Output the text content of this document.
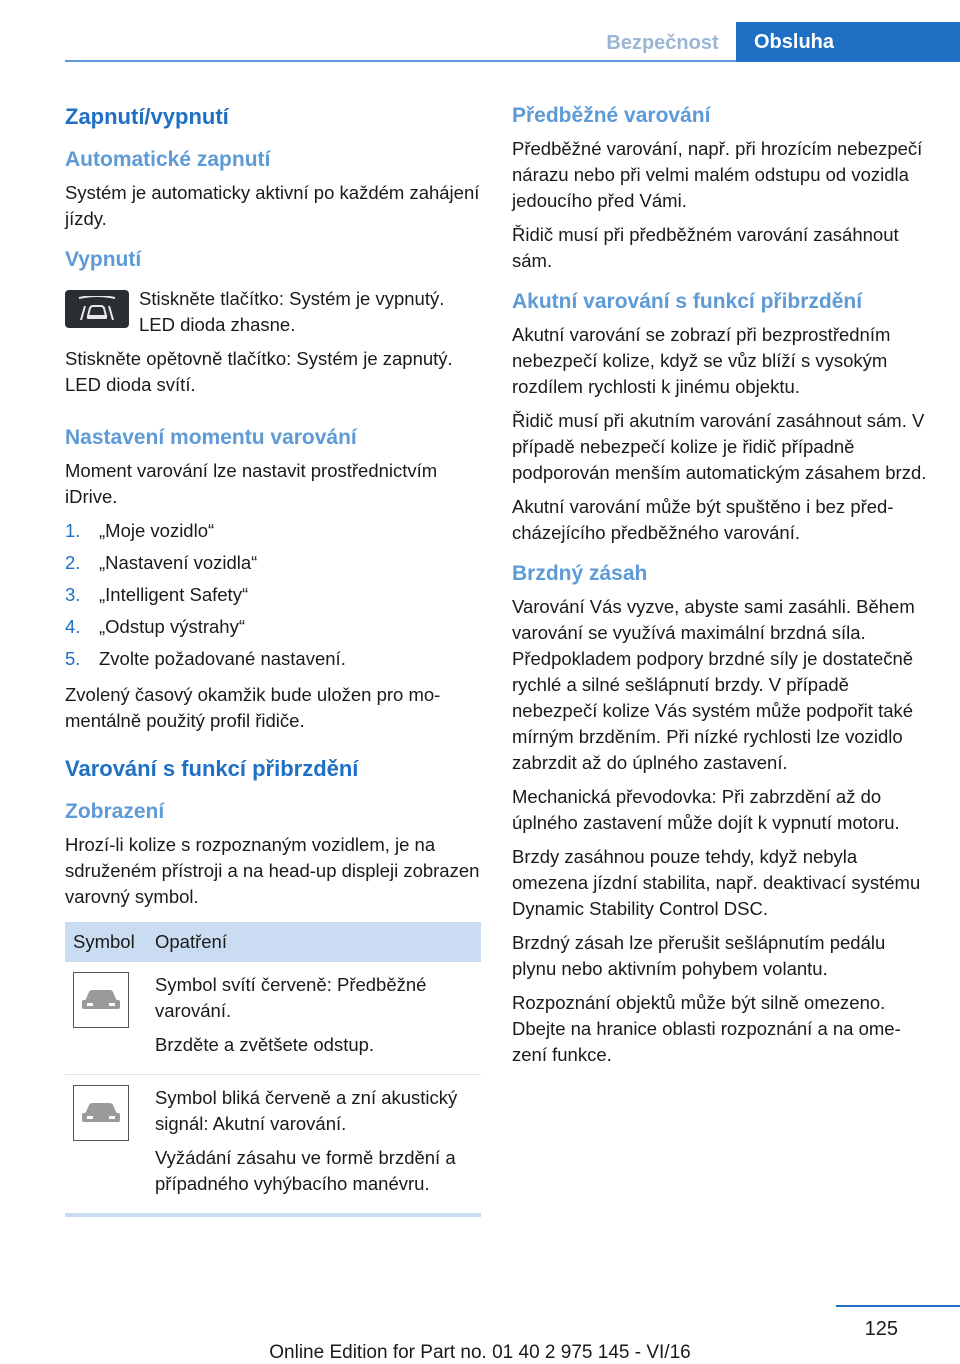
Bezpečnost	Obsluha
Zapnutí/vypnutí
Automatické zapnutí

Systém je automaticky aktivní po každém zahájení jízdy.

Vypnutí

Stiskněte tlačítko: Systém je vypnutý. LED dioda zhasne.

Stiskněte opětovně tlačítko: Systém je zapnutý. LED dioda svítí.

Nastavení momentu varování

Moment varování lze nastavit prostřednictvím iDrive.

1.	„Moje vozidlo“
2.	„Nastavení vozidla“
3.	„Intelligent Safety“
4.	„Odstup výstrahy“
5.	Zvolte požadované nastavení.

Zvolený časový okamžik bude uložen pro momentálně použitý profil řidiče.

Varování s funkcí přibrzdění
Zobrazení

Hrozí-li kolize s rozpoznaným vozidlem, je na sdruženém přístroji a na head-up displeji zobrazen varovný symbol.

Symbol	Opatření

Symbol svítí červeně: Předběžné varování.

Brzděte a zvětšete odstup.

Symbol bliká červeně a zní akustický signál: Akutní varování.

Vyžádání zásahu ve formě brzdění a případného vyhýbacího manévru.

Předběžné varování

Předběžné varování, např. při hrozícím nebezpečí nárazu nebo při velmi malém odstupu od vozidla jedoucího před Vámi.

Řidič musí při předběžném varování zasáhnout sám.

Akutní varování s funkcí přibrzdění

Akutní varování se zobrazí při bezprostředním nebezpečí kolize, když se vůz blíží s vysokým rozdílem rychlosti k jinému objektu.

Řidič musí při akutním varování zasáhnout sám. V případě nebezpečí kolize je řidič případně podporován menším automatickým zásahem brzd.

Akutní varování může být spuštěno i bez předcházejícího předběžného varování.

Brzdný zásah

Varování Vás vyzve, abyste sami zasáhli. Během varování se využívá maximální brzdná síla. Předpokladem podpory brzdné síly je dostatečně rychlé a silné sešlápnutí brzdy. V případě nebezpečí kolize Vás systém může podpořit také mírným brzděním. Při nízké rychlosti lze vozidlo zabrzdit až do úplného zastavení.

Mechanická převodovka: Při zabrzdění až do úplného zastavení může dojít k vypnutí motoru.

Brzdy zasáhnou pouze tehdy, když nebyla omezena jízdní stabilita, např. deaktivací systému Dynamic Stability Control DSC.

Brzdný zásah lze přerušit sešlápnutím pedálu plynu nebo aktivním pohybem volantu.

Rozpoznání objektů může být silně omezeno. Dbejte na hranice oblasti rozpoznání a na omezení funkce.

125
Online Edition for Part no. 01 40 2 975 145 - VI/16
